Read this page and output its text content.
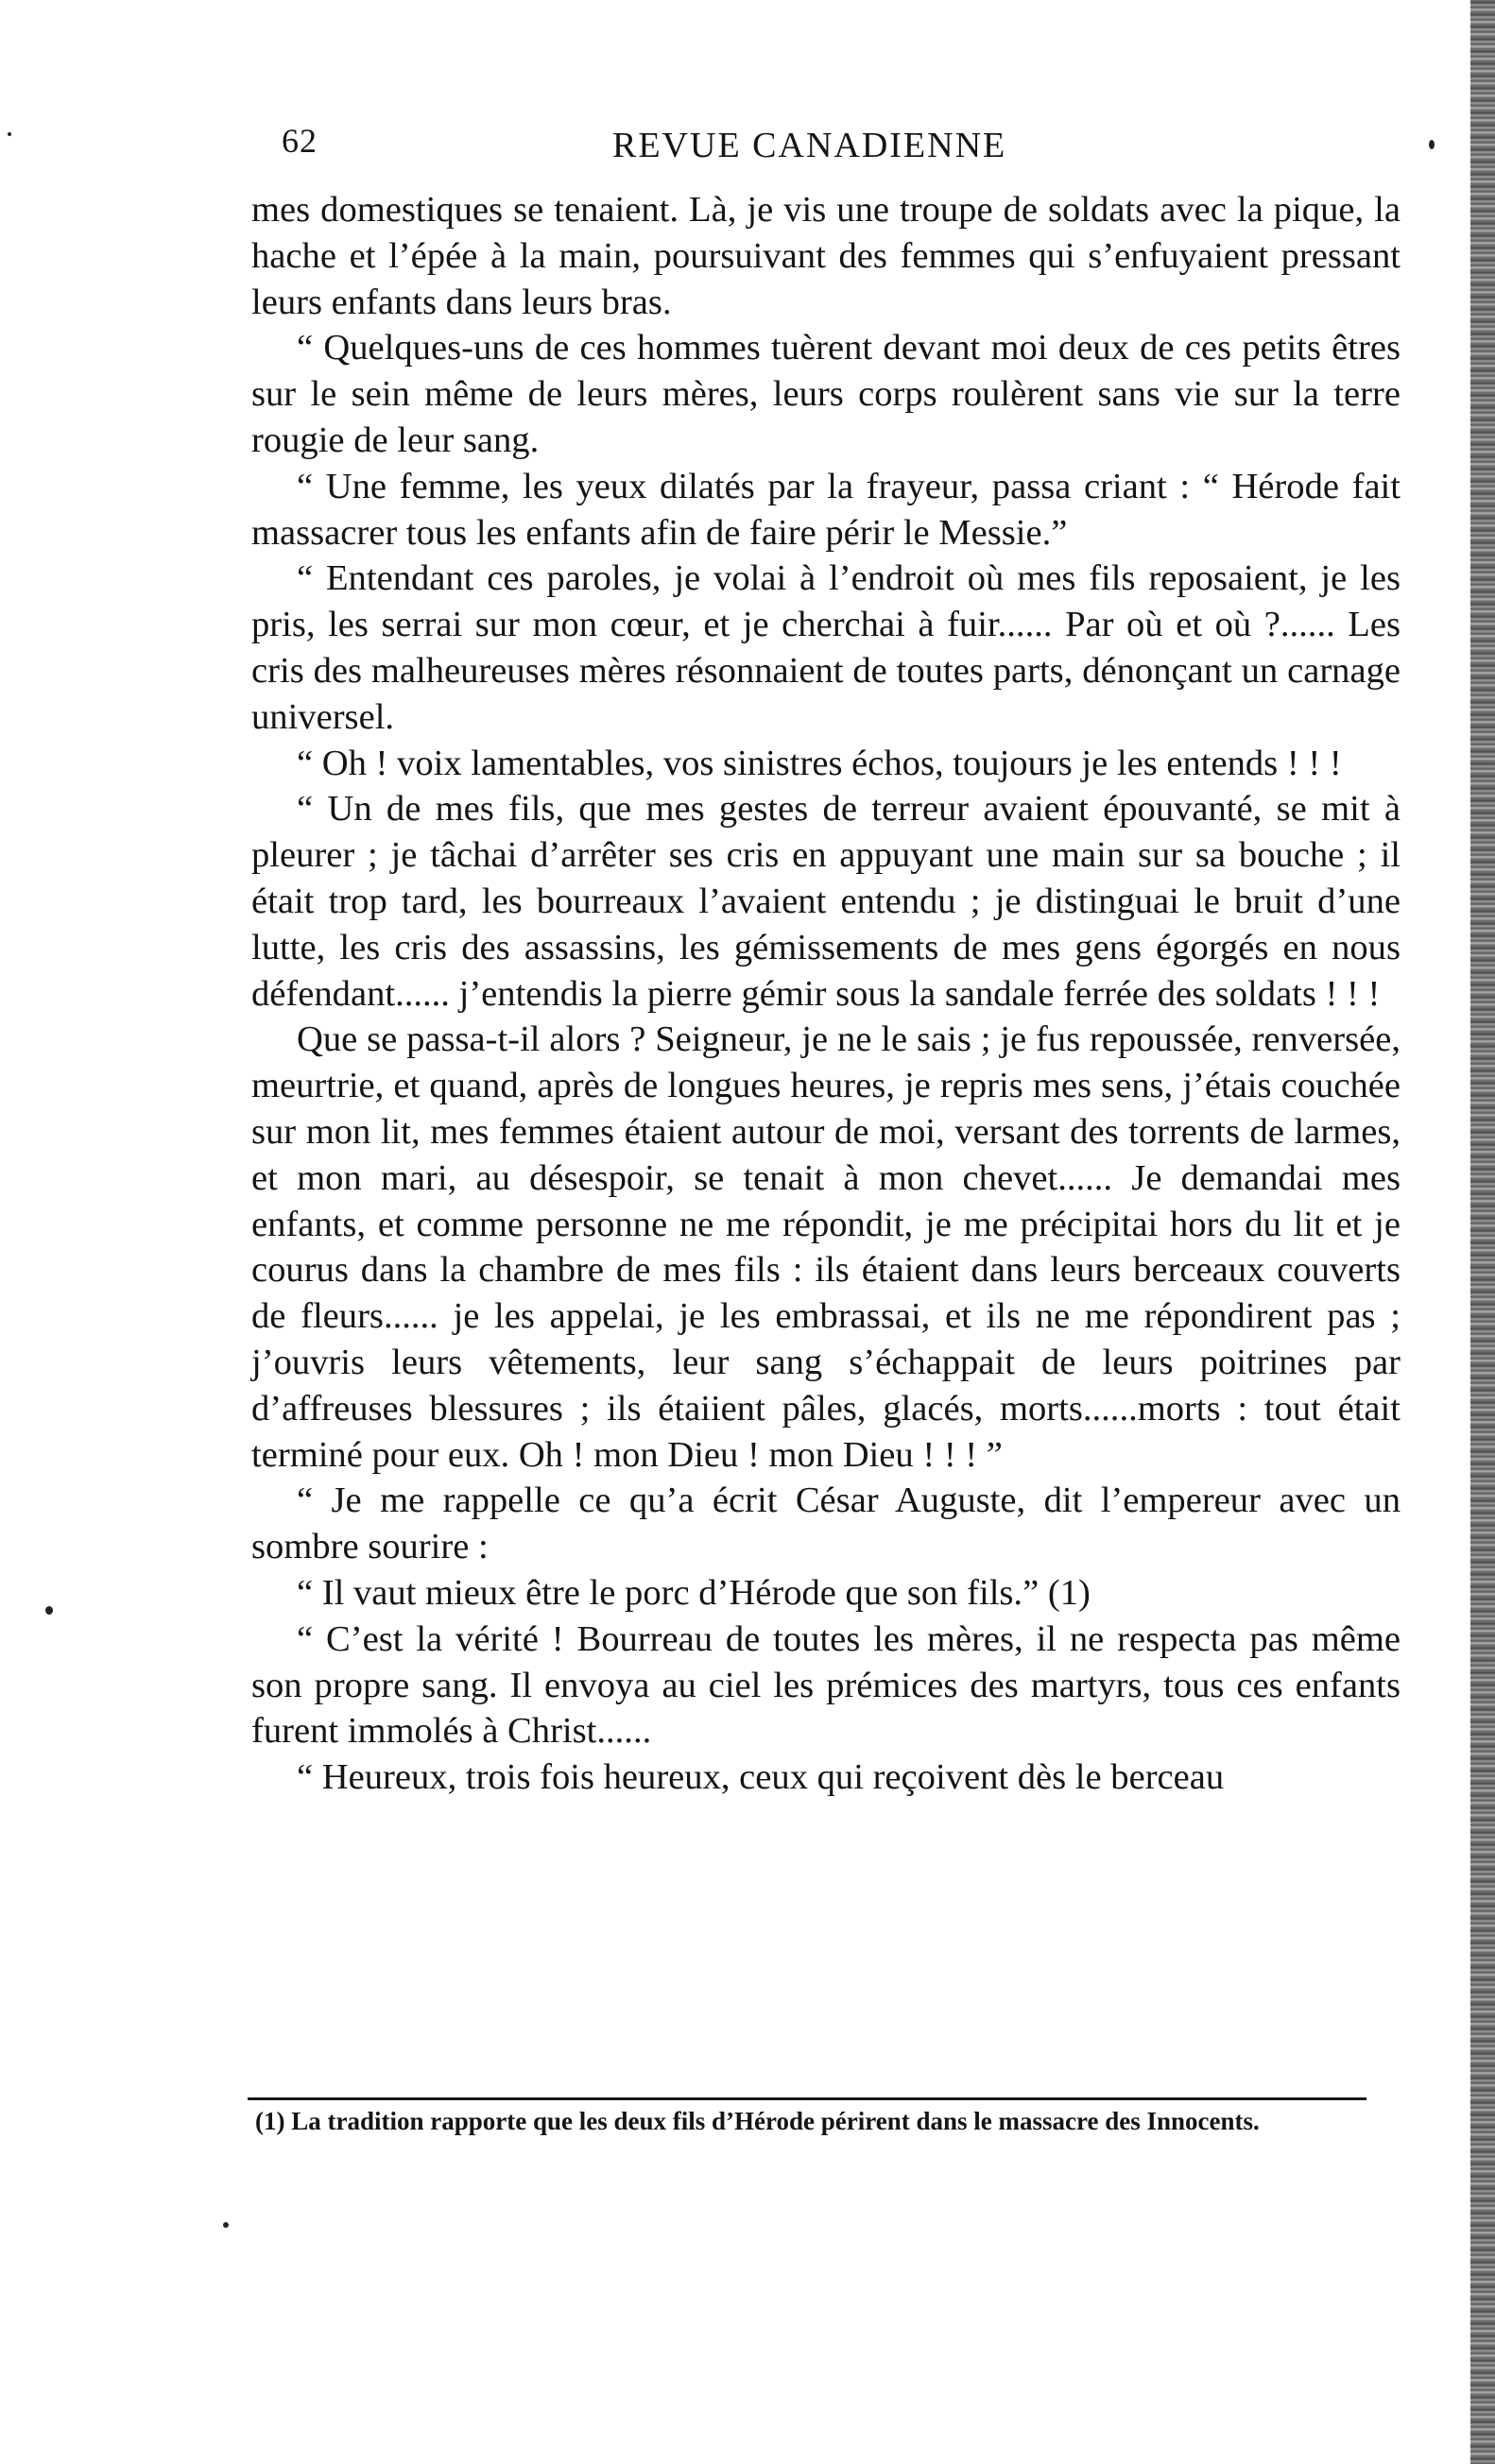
62	REVUE CANADIENNE

mes domestiques se tenaient. Là, je vis une troupe de soldats avec la pique, la hache et l’épée à la main, poursuivant des femmes qui s’enfuyaient pressant leurs enfants dans leurs bras.

“ Quelques-uns de ces hommes tuèrent devant moi deux de ces petits êtres sur le sein même de leurs mères, leurs corps roulèrent sans vie sur la terre rougie de leur sang.

“ Une femme, les yeux dilatés par la frayeur, passa criant : “ Hérode fait massacrer tous les enfants afin de faire périr le Messie.”

“ Entendant ces paroles, je volai à l’endroit où mes fils reposaient, je les pris, les serrai sur mon cœur, et je cherchai à fuir...... Par où et où ?...... Les cris des malheureuses mères résonnaient de toutes parts, dénonçant un carnage universel.

“ Oh ! voix lamentables, vos sinistres échos, toujours je les entends ! ! !

“ Un de mes fils, que mes gestes de terreur avaient épouvanté, se mit à pleurer ; je tâchai d’arrêter ses cris en appuyant une main sur sa bouche ; il était trop tard, les bourreaux l’avaient entendu ; je distinguai le bruit d’une lutte, les cris des assassins, les gémissements de mes gens égorgés en nous défendant...... j’entendis la pierre gémir sous la sandale ferrée des soldats ! ! !

Que se passa-t-il alors ? Seigneur, je ne le sais ; je fus repoussée, renversée, meurtrie, et quand, après de longues heures, je repris mes sens, j’étais couchée sur mon lit, mes femmes étaient autour de moi, versant des torrents de larmes, et mon mari, au désespoir, se tenait à mon chevet...... Je demandai mes enfants, et comme personne ne me répondit, je me précipitai hors du lit et je courus dans la chambre de mes fils : ils étaient dans leurs berceaux couverts de fleurs...... je les appelai, je les embrassai, et ils ne me répondirent pas ; j’ouvris leurs vêtements, leur sang s’échappait de leurs poitrines par d’affreuses blessures ; ils étaiient pâles, glacés, morts......morts : tout était terminé pour eux. Oh ! mon Dieu ! mon Dieu ! ! ! ”

“ Je me rappelle ce qu’a écrit César Auguste, dit l’empereur avec un sombre sourire :

“ Il vaut mieux être le porc d’Hérode que son fils.” (1)

“ C’est la vérité ! Bourreau de toutes les mères, il ne respecta pas même son propre sang. Il envoya au ciel les prémices des martyrs, tous ces enfants furent immolés à Christ......

“ Heureux, trois fois heureux, ceux qui reçoivent dès le berceau

(1) La tradition rapporte que les deux fils d’Hérode périrent dans le massacre des Innocents.
